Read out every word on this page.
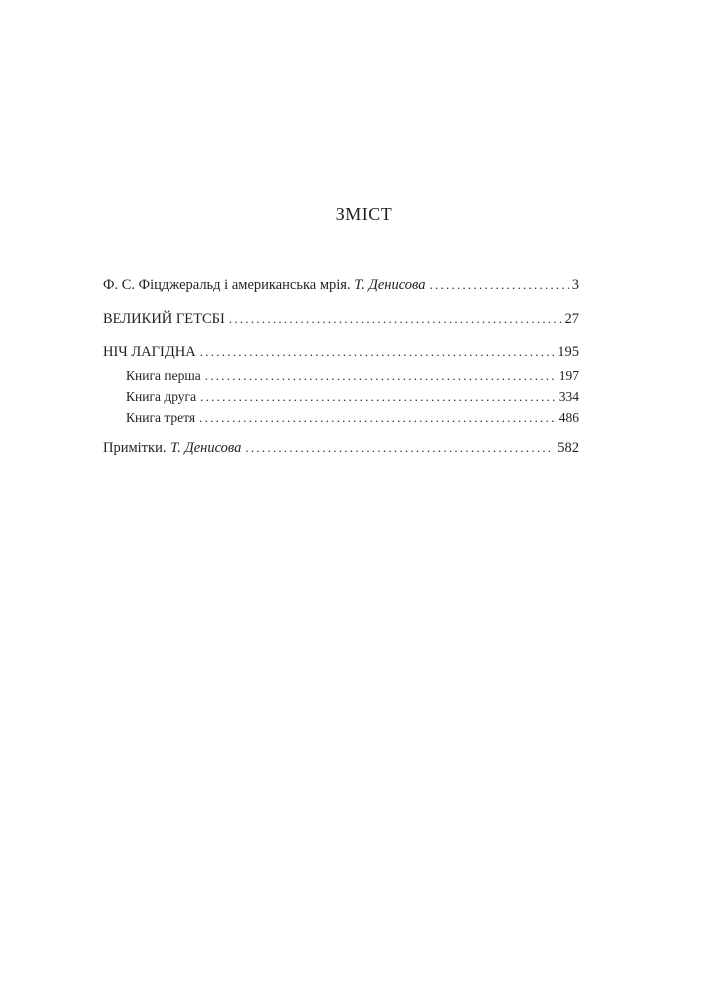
ЗМІСТ
Ф. С. Фіцджеральд і американська мрія. Т. Денисова . . .	3
ВЕЛИКИЙ ГЕТСБІ . . .	27
НІЧ ЛАГІДНА . . .	195
Книга перша . . .	197
Книга друга . . .	334
Книга третя . . .	486
Примітки. Т. Денисова . . .	582
